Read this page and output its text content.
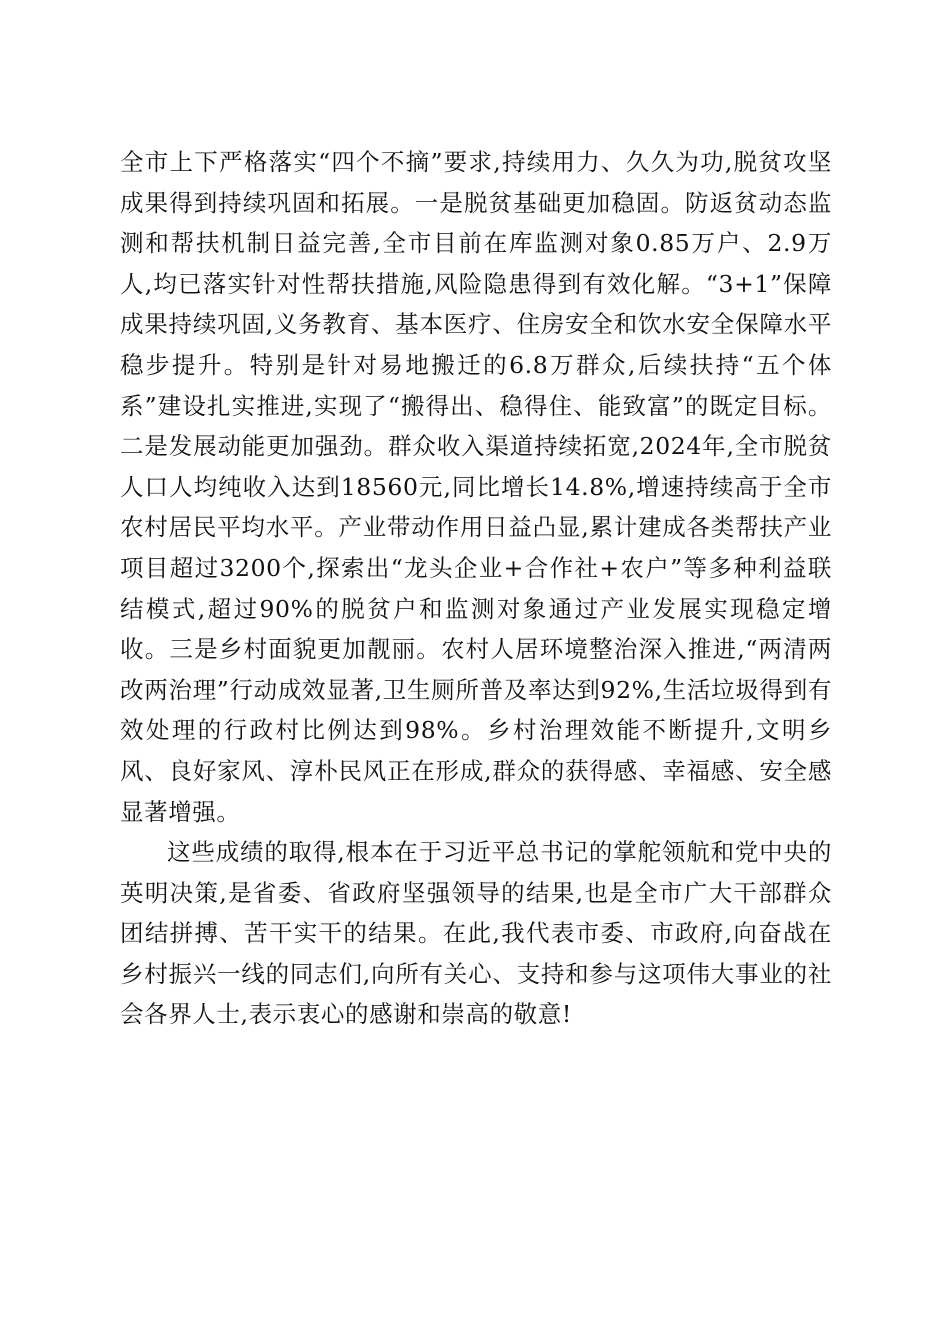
全市上下严格落实“四个不摘”要求,持续用力、久久为功,脱贫攻坚成果得到持续巩固和拓展。一是脱贫基础更加稳固。防返贫动态监测和帮扶机制日益完善,全市目前在库监测对象0.85万户、2.9万人,均已落实针对性帮扶措施,风险隐患得到有效化解。“3+1”保障成果持续巩固,义务教育、基本医疗、住房安全和饮水安全保障水平稳步提升。特别是针对易地搬迁的6.8万群众,后续扶持“五个体系”建设扎实推进,实现了“搬得出、稳得住、能致富”的既定目标。二是发展动能更加强劲。群众收入渠道持续拓宽,2024年,全市脱贫人口人均纯收入达到18560元,同比增长14.8%,增速持续高于全市农村居民平均水平。产业带动作用日益凸显,累计建成各类帮扶产业项目超过3200个,探索出“龙头企业+合作社+农户”等多种利益联结模式,超过90%的脱贫户和监测对象通过产业发展实现稳定增收。三是乡村面貌更加靓丽。农村人居环境整治深入推进,“两清两改两治理”行动成效显著,卫生厕所普及率达到92%,生活垃圾得到有效处理的行政村比例达到98%。乡村治理效能不断提升,文明乡风、良好家风、淳朴民风正在形成,群众的获得感、幸福感、安全感显著增强。

这些成绩的取得,根本在于习近平总书记的掌舵领航和党中央的英明决策,是省委、省政府坚强领导的结果,也是全市广大干部群众团结拼搏、苦干实干的结果。在此,我代表市委、市政府,向奋战在乡村振兴一线的同志们,向所有关心、支持和参与这项伟大事业的社会各界人士,表示衷心的感谢和崇高的敬意!
